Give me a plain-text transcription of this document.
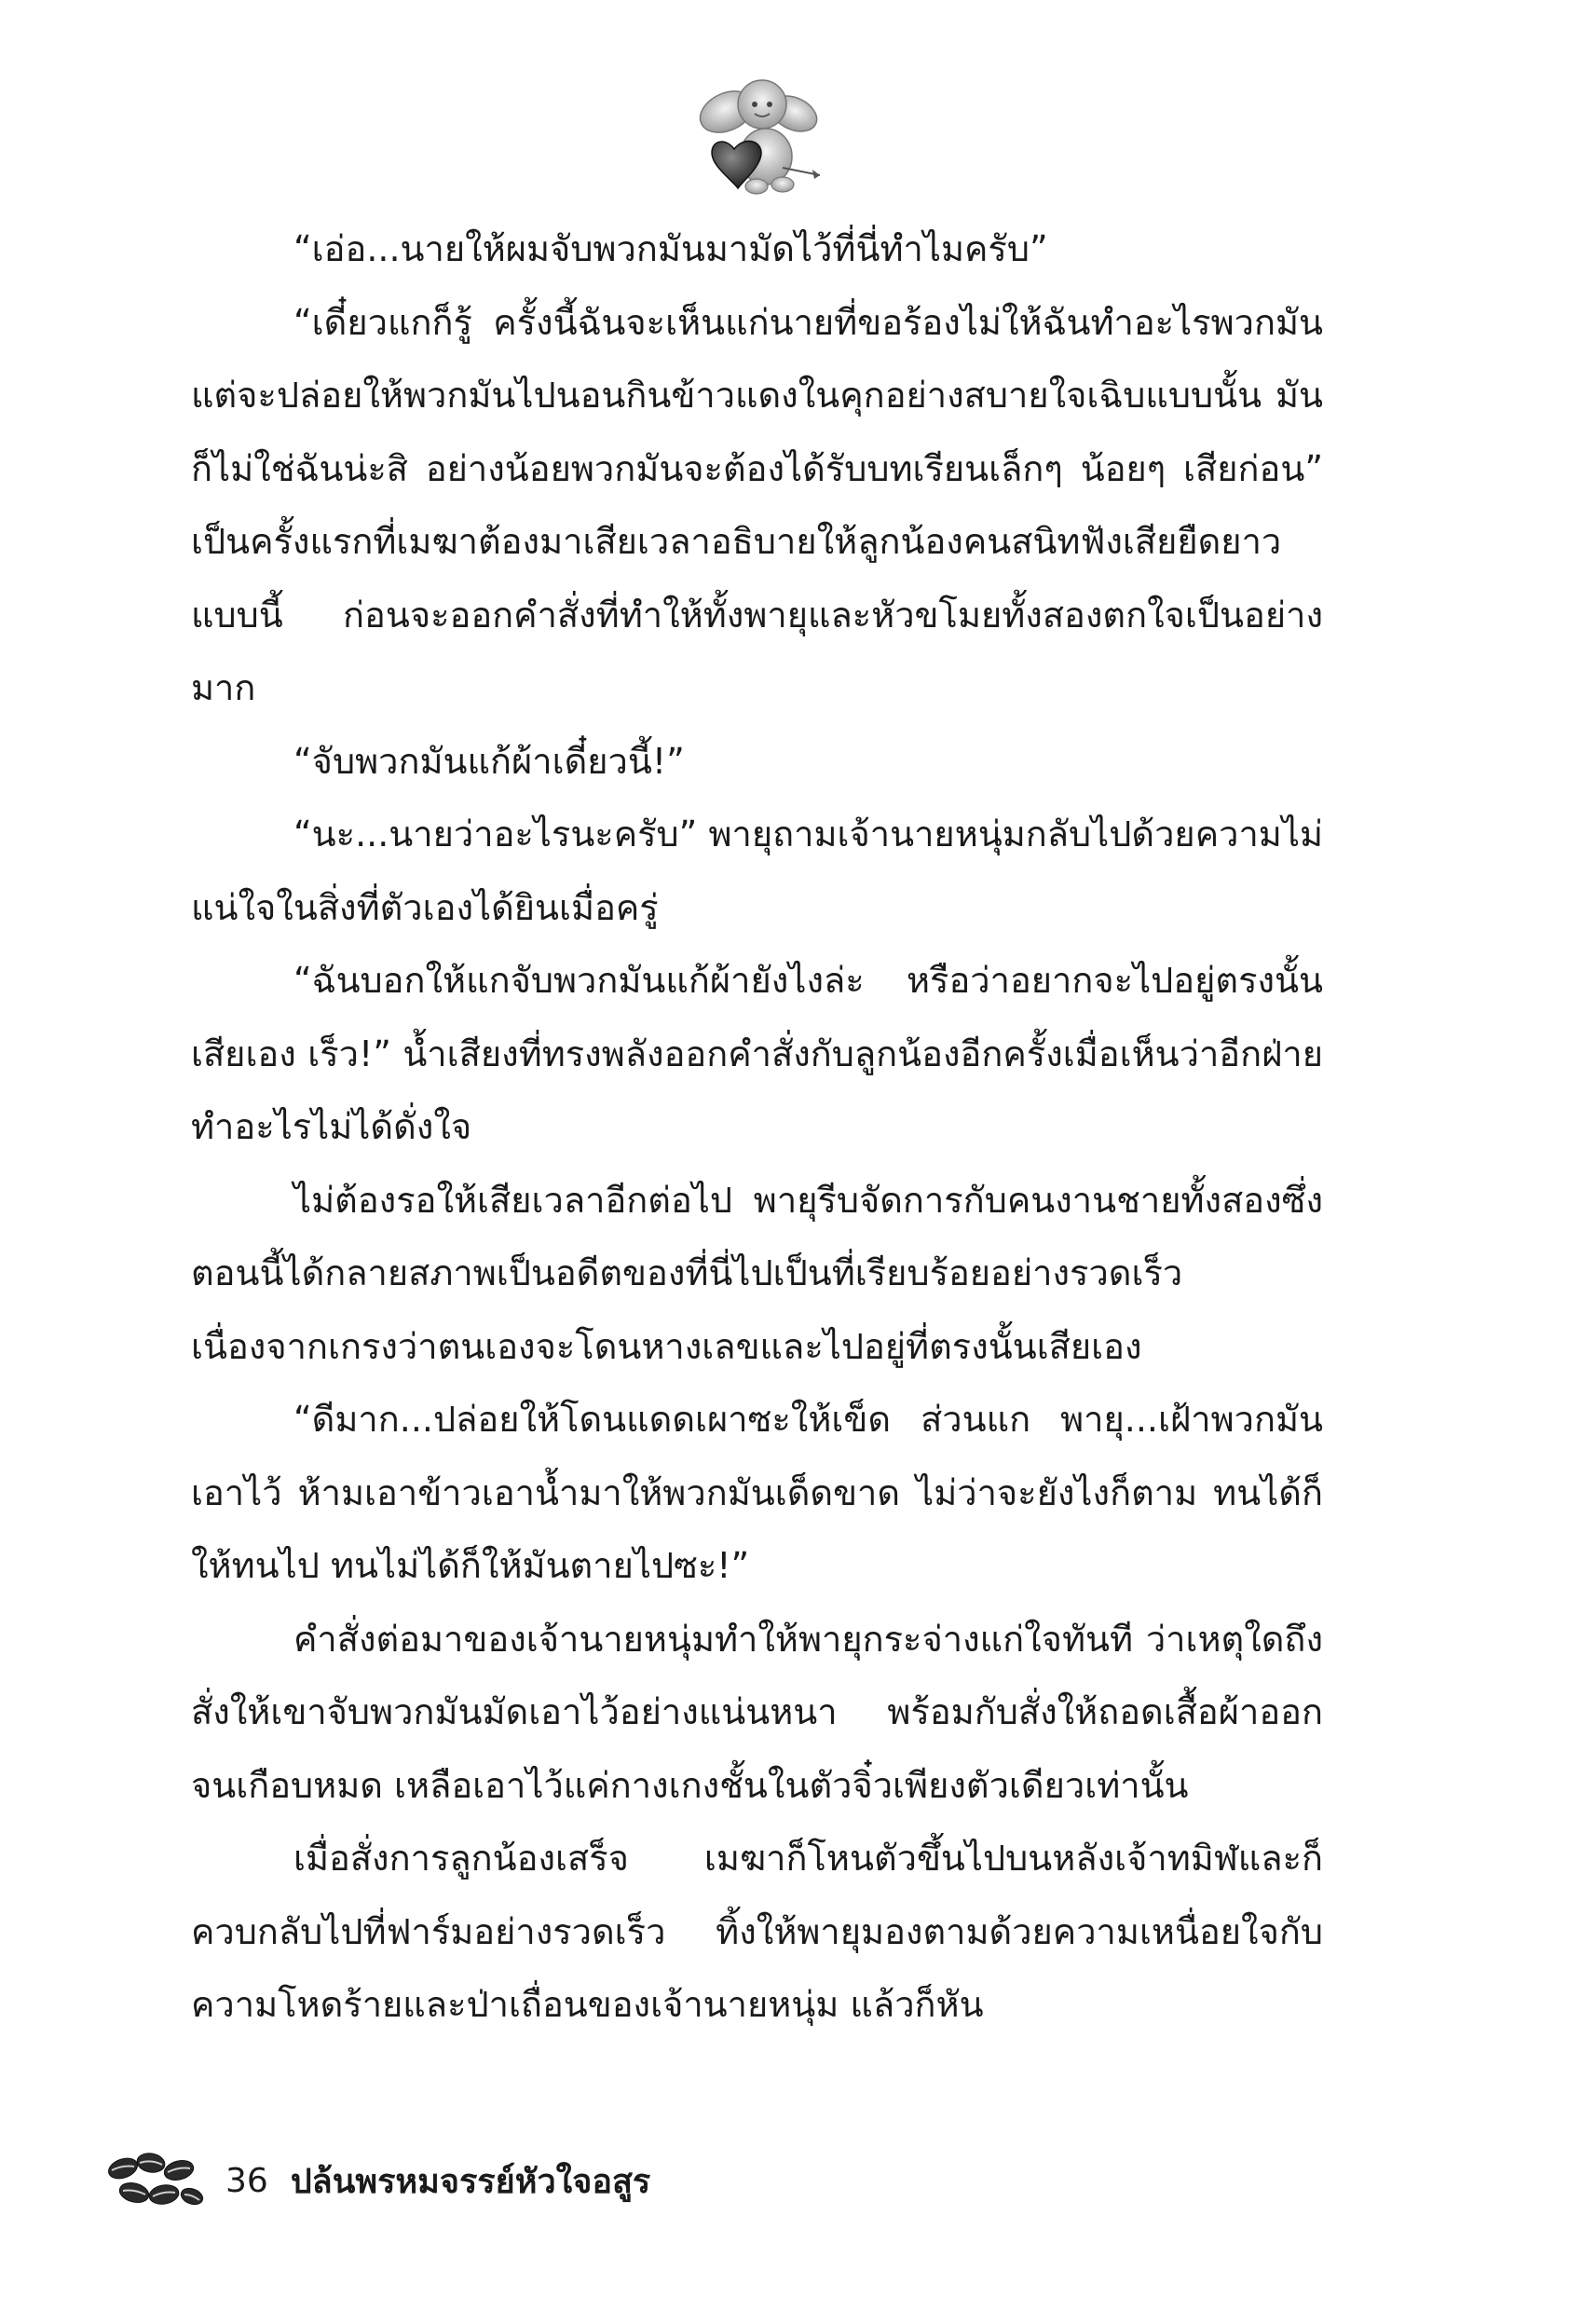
“เอ่อ...นายให้ผมจับพวกมันมามัดไว้ที่นี่ทำไมครับ”

“เดี๋ยวแกก็รู้ ครั้งนี้ฉันจะเห็นแก่นายที่ขอร้องไม่ให้ฉันทำอะไรพวกมัน แต่จะปล่อยให้พวกมันไปนอนกินข้าวแดงในคุกอย่างสบายใจเฉิบแบบนั้น มันก็ไม่ใช่ฉันน่ะสิ อย่างน้อยพวกมันจะต้องได้รับบทเรียนเล็กๆ น้อยๆ เสียก่อน” เป็นครั้งแรกที่เมฆาต้องมาเสียเวลาอธิบายให้ลูกน้องคนสนิทฟังเสียยืดยาวแบบนี้ ก่อนจะออกคำสั่งที่ทำให้ทั้งพายุและหัวขโมยทั้งสองตกใจเป็นอย่างมาก

“จับพวกมันแก้ผ้าเดี๋ยวนี้!”

“นะ...นายว่าอะไรนะครับ” พายุถามเจ้านายหนุ่มกลับไปด้วยความไม่แน่ใจในสิ่งที่ตัวเองได้ยินเมื่อครู่

“ฉันบอกให้แกจับพวกมันแก้ผ้ายังไงล่ะ หรือว่าอยากจะไปอยู่ตรงนั้นเสียเอง เร็ว!” น้ำเสียงที่ทรงพลังออกคำสั่งกับลูกน้องอีกครั้งเมื่อเห็นว่าอีกฝ่ายทำอะไรไม่ได้ดั่งใจ

ไม่ต้องรอให้เสียเวลาอีกต่อไป พายุรีบจัดการกับคนงานชายทั้งสองซึ่งตอนนี้ได้กลายสภาพเป็นอดีตของที่นี่ไปเป็นที่เรียบร้อยอย่างรวดเร็ว เนื่องจากเกรงว่าตนเองจะโดนหางเลขและไปอยู่ที่ตรงนั้นเสียเอง

“ดีมาก...ปล่อยให้โดนแดดเผาซะให้เข็ด ส่วนแก พายุ...เฝ้าพวกมันเอาไว้ ห้ามเอาข้าวเอาน้ำมาให้พวกมันเด็ดขาด ไม่ว่าจะยังไงก็ตาม ทนได้ก็ให้ทนไป ทนไม่ได้ก็ให้มันตายไปซะ!”

คำสั่งต่อมาของเจ้านายหนุ่มทำให้พายุกระจ่างแก่ใจทันที ว่าเหตุใดถึงสั่งให้เขาจับพวกมันมัดเอาไว้อย่างแน่นหนา พร้อมกับสั่งให้ถอดเสื้อผ้าออกจนเกือบหมด เหลือเอาไว้แค่กางเกงชั้นในตัวจิ๋วเพียงตัวเดียวเท่านั้น

เมื่อสั่งการลูกน้องเสร็จ เมฆาก็โหนตัวขึ้นไปบนหลังเจ้าทมิฬและก็ควบกลับไปที่ฟาร์มอย่างรวดเร็ว ทิ้งให้พายุมองตามด้วยความเหนื่อยใจกับความโหดร้ายและป่าเถื่อนของเจ้านายหนุ่ม แล้วก็หัน

36 ปล้นพรหมจรรย์หัวใจอสูร
